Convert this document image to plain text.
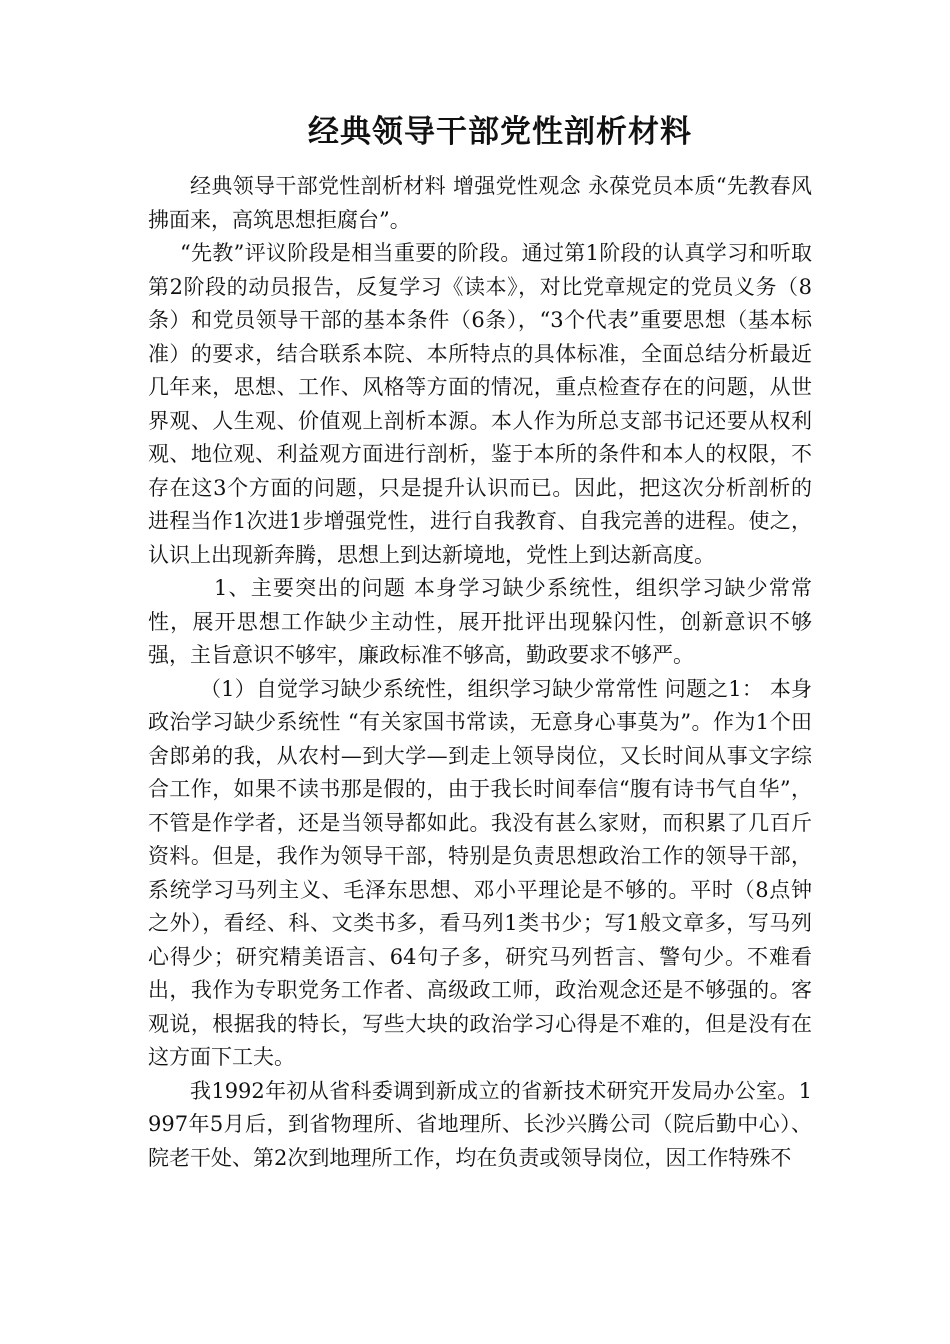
经典领导干部党性剖析材料

经典领导干部党性剖析材料 增强党性观念 永葆党员本质“先教春风拂面来，高筑思想拒腐台”。

“先教”评议阶段是相当重要的阶段。通过第1阶段的认真学习和听取第2阶段的动员报告，反复学习《读本》，对比党章规定的党员义务（8条）和党员领导干部的基本条件（6条），“3个代表”重要思想（基本标准）的要求，结合联系本院、本所特点的具体标准，全面总结分析最近几年来，思想、工作、风格等方面的情况，重点检查存在的问题，从世界观、人生观、价值观上剖析本源。本人作为所总支部书记还要从权利观、地位观、利益观方面进行剖析，鉴于本所的条件和本人的权限，不存在这3个方面的问题，只是提升认识而已。因此，把这次分析剖析的进程当作1次进1步增强党性，进行自我教育、自我完善的进程。使之，认识上出现新奔腾，思想上到达新境地，党性上到达新高度。

1、主要突出的问题 本身学习缺少系统性，组织学习缺少常常性，展开思想工作缺少主动性，展开批评出现躲闪性，创新意识不够强，主旨意识不够牢，廉政标准不够高，勤政要求不够严。

（1）自觉学习缺少系统性，组织学习缺少常常性 问题之1： 本身政治学习缺少系统性 “有关家国书常读，无意身心事莫为”。作为1个田舍郎弟的我，从农村—到大学—到走上领导岗位，又长时间从事文字综合工作，如果不读书那是假的，由于我长时间奉信“腹有诗书气自华”，不管是作学者，还是当领导都如此。我没有甚么家财，而积累了几百斤资料。但是，我作为领导干部，特别是负责思想政治工作的领导干部，系统学习马列主义、毛泽东思想、邓小平理论是不够的。平时（8点钟之外），看经、科、文类书多，看马列1类书少；写1般文章多，写马列心得少；研究精美语言、64句子多，研究马列哲言、警句少。不难看出，我作为专职党务工作者、高级政工师，政治观念还是不够强的。客观说，根据我的特长，写些大块的政治学习心得是不难的，但是没有在这方面下工夫。

我1992年初从省科委调到新成立的省新技术研究开发局办公室。1997年5月后，到省物理所、省地理所、长沙兴腾公司（院后勤中心）、院老干处、第2次到地理所工作，均在负责或领导岗位，因工作特殊不
